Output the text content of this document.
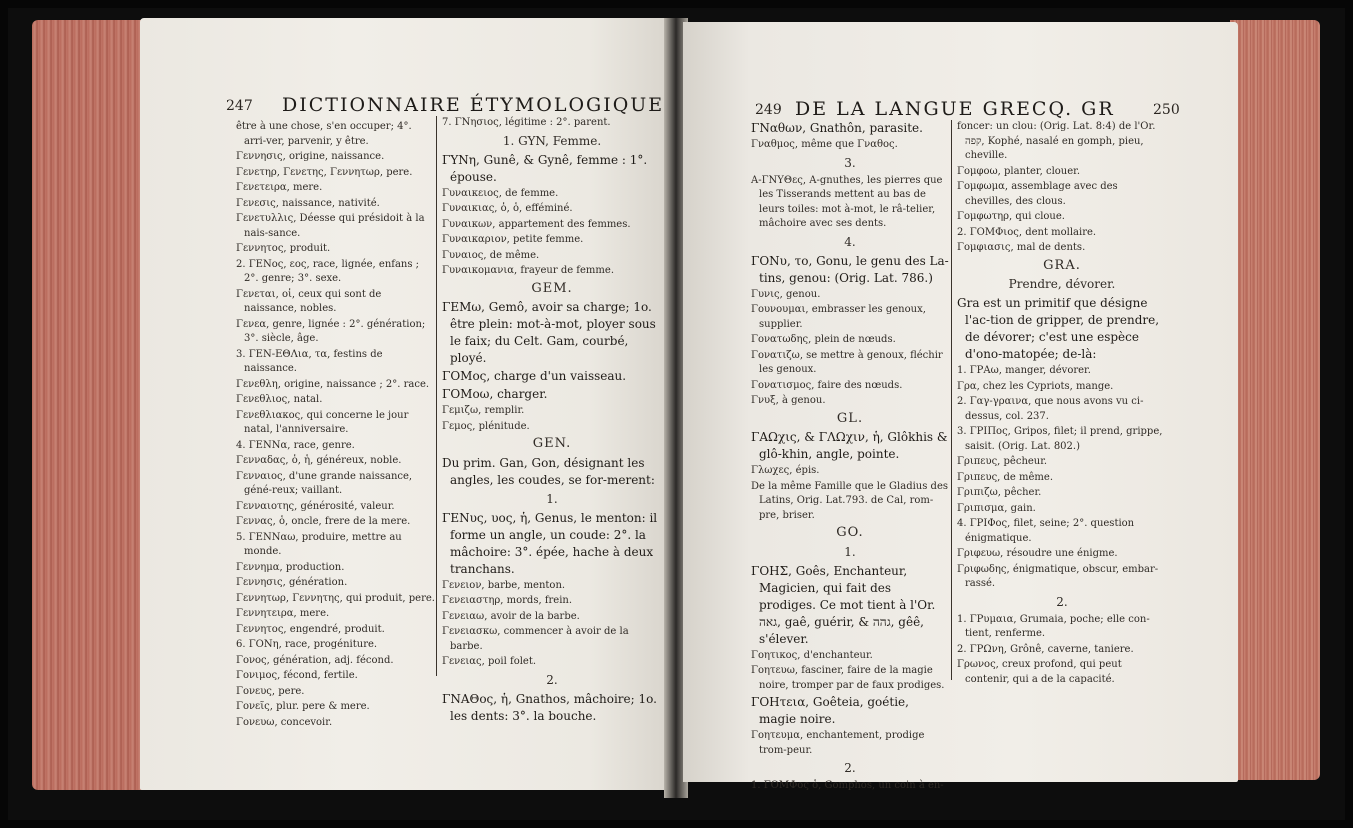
247 DICTIONNAIRE ÉTYMOLOGIQUE

être à une chose, s'en occuper; 4°. arri-ver, parvenir, y être.

Γεννησις, origine, naissance.

Γενετηρ, Γενετης, Γεννητωρ, pere.

Γενετειρα, mere.

Γενεσις, naissance, nativité.

Γενετυλλις, Déesse qui présidoit à la nais-sance.

Γεννητος, produit.

2. ΓΕΝος, εος, race, lignée, enfans ; 2°. genre; 3°. sexe.

Γενεται, οἱ, ceux qui sont de naissance, nobles.

Γενεα, genre, lignée : 2°. génération; 3°. siècle, âge.

3. ΓΕΝ-ΕΘΛια, τα, festins de naissance.

Γενεθλη, origine, naissance ; 2°. race.

Γενεθλιος, natal.

Γενεθλιακος, qui concerne le jour natal, l'anniversaire.

4. ΓΕΝΝα, race, genre.

Γενναδας, ὁ, ἡ, généreux, noble.

Γενναιος, d'une grande naissance, géné-reux; vaillant.

Γενναιοτης, générosité, valeur.

Γεννας, ὁ, oncle, frere de la mere.

5. ΓΕΝΝαω, produire, mettre au monde.

Γεννημα, production.

Γεννησις, génération.

Γεννητωρ, Γεννητης, qui produit, pere.

Γεννητειρα, mere.

Γεννητος, engendré, produit.

6. ΓΟΝη, race, progéniture.

Γονος, génération, adj. fécond.

Γονιμος, fécond, fertile.

Γονευς, pere.

Γονεῖς, plur. pere & mere.

Γονευω, concevoir.

7. ΓΝησιος, légitime : 2°. parent.

1. GYN, Femme.

ΓΥΝη, Gunê, & Gynê, femme : 1°. épouse.

Γυναικειος, de femme.

Γυναικιας, ὁ, ὁ, efféminé.

Γυναικων, appartement des femmes.

Γυναικαριον, petite femme.

Γυναιος, de même.

Γυναικομανια, frayeur de femme.

GEM.

ΓΕΜω, Gemô, avoir sa charge; 1o. être plein: mot-à-mot, ployer sous le faix; du Celt. Gam, courbé, ployé.

ΓΟΜος, charge d'un vaisseau.

ΓΟΜοω, charger.

Γεμιζω, remplir.

Γεμος, plénitude.

GEN.

Du prim. Gan, Gon, désignant les angles, les coudes, se for-merent:

1.

ΓΕΝυς, υος, ἡ, Genus, le menton: il forme un angle, un coude: 2°. la mâchoire: 3°. épée, hache à deux tranchans.

Γενειον, barbe, menton.

Γενειαστηρ, mords, frein.

Γενειαω, avoir de la barbe.

Γενειασκω, commencer à avoir de la barbe.

Γενειας, poil folet.

2.

ΓΝΑΘος, ἡ, Gnathos, mâchoire; 1o. les dents: 3°. la bouche.

249 DE LA LANGUE GRECQ. GR	250

ΓΝαθων, Gnathôn, parasite.

Γναθμος, même que Γναθος.

3.

Α-ΓΝΥΘες, A-gnuthes, les pierres que les Tisserands mettent au bas de leurs toiles: mot à-mot, le râ-telier, mâchoire avec ses dents.

4.

ΓΟΝυ, το, Gonu, le genu des La-tins, genou: (Orig. Lat. 786.)

Γυνις, genou.

Γουνουμαι, embrasser les genoux, supplier.

Γονατωδης, plein de nœuds.

Γονατιζω, se mettre à genoux, fléchir les genoux.

Γονατισμος, faire des nœuds.

Γνυξ, à genou.

GL.

ΓΑΩχις, & ΓΛΩχιν, ἡ, Glôkhis & glô-khin, angle, pointe.

Γλωχες, épis.

De la même Famille que le Gladius des Latins, Orig. Lat.793. de Cal, rom-pre, briser.

GO.

1.

ΓΟΗΣ, Goês, Enchanteur, Magicien, qui fait des prodiges. Ce mot tient à l'Or. גאה, gaê, guérir, & גהה, gêê, s'élever.

Γοητικος, d'enchanteur.

Γοητευω, fasciner, faire de la magie noire, tromper par de faux prodiges.

ΓΟΗτεια, Goêteia, goétie, magie noire.

Γοητευμα, enchantement, prodige trom-peur.

2.

1. ΓΟΜΦος ὁ, Gomphos, un coin à en-

foncer: un clou: (Orig. Lat. 8:4) de l'Or. קפה, Kophé, nasalé en gomph, pieu, cheville.

Γομφοω, planter, clouer.

Γομφωμα, assemblage avec des chevilles, des clous.

Γομφωτηρ, qui cloue.

2. ΓΟΜΦιος, dent mollaire.

Γομφιασις, mal de dents.

GRA.

Prendre, dévorer.

Gra est un primitif que désigne l'ac-tion de gripper, de prendre, de dévorer; c'est une espèce d'ono-matopée; de-là:

1. ΓΡΑω, manger, dévorer.

Γρα, chez les Cypriots, mange.

2. Γαγ-γραινα, que nous avons vu ci-dessus, col. 237.

3. ΓΡΙΠος, Gripos, filet; il prend, grippe, saisit. (Orig. Lat. 802.)

Γριπευς, pêcheur.

Γριπευς, de même.

Γριπιζω, pêcher.

Γριπισμα, gain.

4. ΓΡΙΦος, filet, seine; 2°. question énigmatique.

Γριφευω, résoudre une énigme.

Γριφωδης, énigmatique, obscur, embar-rassé.

2.

1. ΓΡυμαια, Grumaia, poche; elle con-tient, renferme.

2. ΓΡΩνη, Grônê, caverne, taniere.

Γρωνος, creux profond, qui peut contenir, qui a de la capacité.
